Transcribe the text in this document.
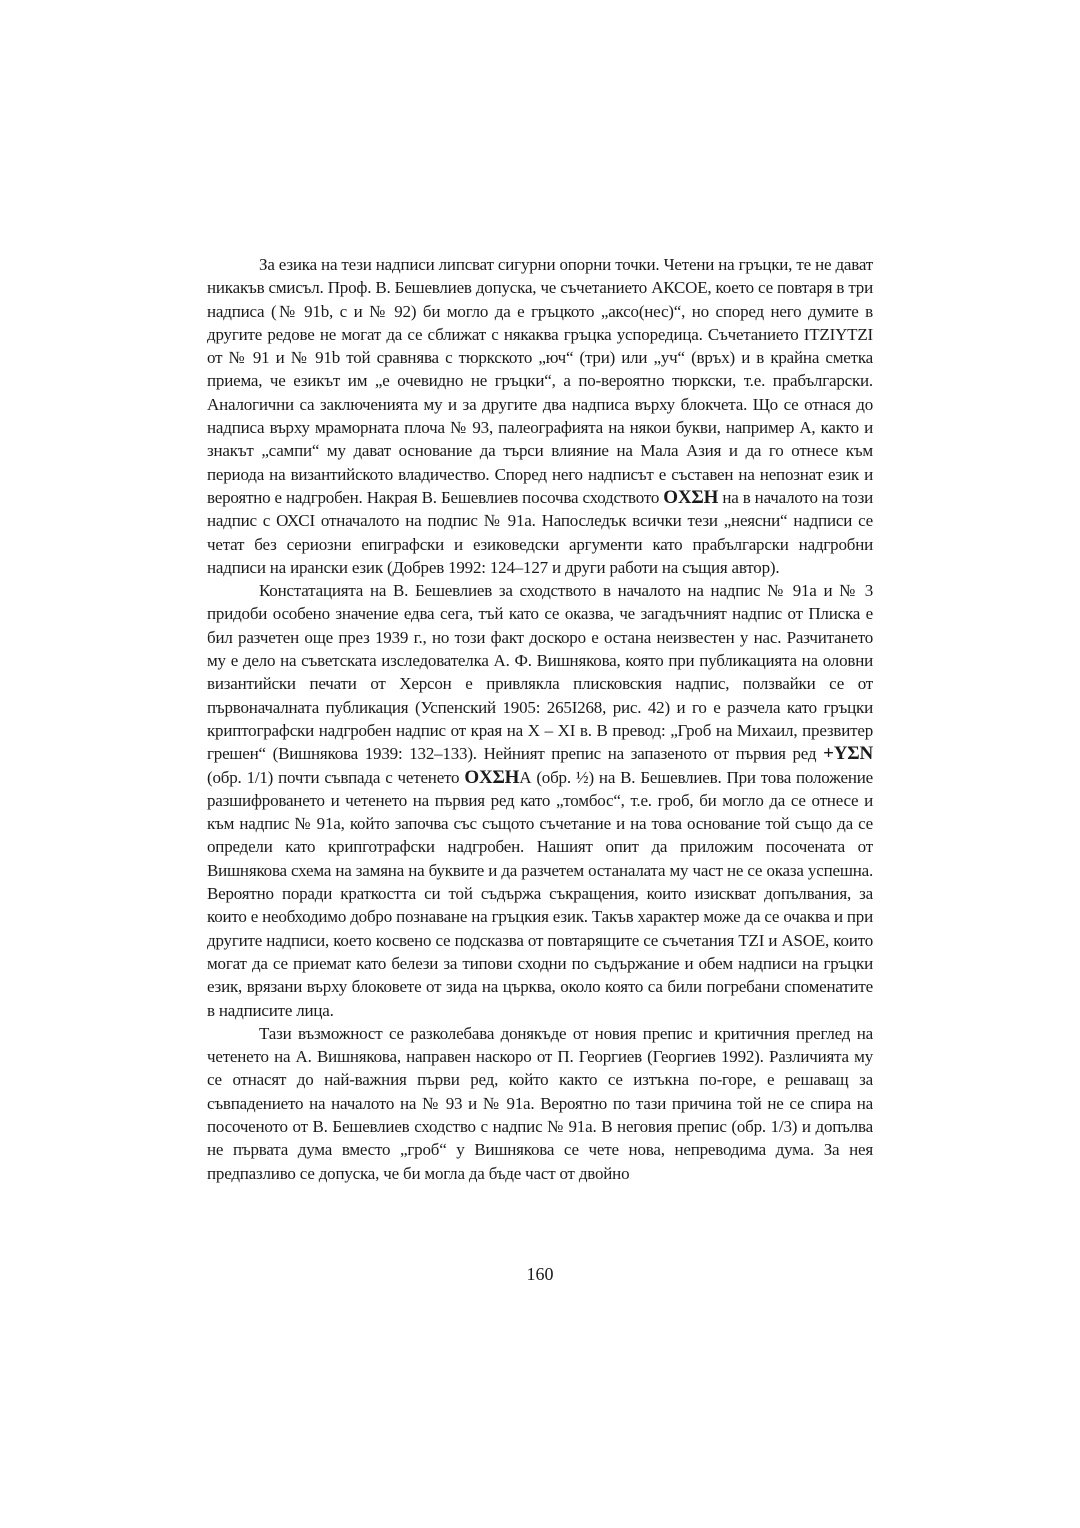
За езика на тези надписи липсват сигурни опорни точки. Четени на гръцки, те не дават никакъв смисъл. Проф. В. Бешевлиев допуска, че съчетанието АКСОЕ, което се повтаря в три надписа (№ 91b, с и № 92) би могло да е гръцкото „аксо(нес)“, но според него думите в другите редове не могат да се сближат с някаква гръцка успоредица. Съчетанието ITZIYTZI от № 91 и № 91b той сравнява с тюркското „юч“ (три) или „уч“ (връх) и в крайна сметка приема, че езикът им „е очевидно не гръцки“, а по-вероятно тюркски, т.е. прабългарски. Аналогични са заключенията му и за другите два надписа върху блокчета. Що се отнася до надписа върху мраморната плоча № 93, палеографията на някои букви, например А, както и знакът „сампи“ му дават основание да търси влияние на Мала Азия и да го отнесе към периода на византийското владичество. Според него надписът е съставен на непознат език и вероятно е надгробен. Накрая В. Бешевлиев посочва сходството ΟΧΣΗ на в началото на този надпис с ОХСI отначалото на подпис № 91а. Напоследък всички тези „неясни“ надписи се четат без сериозни епиграфски и езиковедски аргументи като прабългарски надгробни надписи на ирански език (Добрев 1992: 124–127 и други работи на същия автор).

Констатацията на В. Бешевлиев за сходството в началото на надпис № 91а и № 3 придоби особено значение едва сега, тъй като се оказва, че загадъчният надпис от Плиска е бил разчетен още през 1939 г., но този факт доскоро е остана неизвестен у нас. Разчитането му е дело на съветската изследователка А. Ф. Вишнякова, която при публикацията на оловни византийски печати от Херсон е привлякла плисковския надпис, ползвайки се от първоначалната публикация (Успенский 1905: 265I268, рис. 42) и го е разчела като гръцки криптографски надгробен надпис от края на X – XI в. В превод: „Гроб на Михаил, презвитер грешен“ (Вишнякова 1939: 132–133). Нейният препис на запазеното от първия ред +ΥΣΝ (обр. 1/1) почти съвпада с четенето ΟΧΣΗА (обр. ½) на В. Бешевлиев. При това положение разшифроването и четенето на първия ред като „томбос“, т.е. гроб, би могло да се отнесе и към надпис № 91а, който започва със същото съчетание и на това основание той също да се определи като крипготрафски надгробен. Нашият опит да приложим посочената от Вишнякова схема на замяна на буквите и да разчетем останалата му част не се оказа успешна. Вероятно поради краткостта си той съдържа съкращения, които изискват допълвания, за които е необходимо добро познаване на гръцкия език. Такъв характер може да се очаква и при другите надписи, което косвено се подсказва от повтарящите се съчетания TZI и ASOE, които могат да се приемат като белези за типови сходни по съдържание и обем надписи на гръцки език, врязани върху блоковете от зида на църква, около която са били погребани споменатите в надписите лица.

Тази възможност се разколебава донякъде от новия препис и критичния преглед на четенето на А. Вишнякова, направен наскоро от П. Георгиев (Георгиев 1992). Различията му се отнасят до най-важния първи ред, който както се изтъкна по-горе, е решаващ за съвпадението на началото на № 93 и № 91а. Вероятно по тази причина той не се спира на посоченото от В. Бешевлиев сходство с надпис № 91а. В неговия препис (обр. 1/3) и допълва не първата дума вместо „гроб“ у Вишнякова се чете нова, непреводима дума. За нея предпазливо се допуска, че би могла да бъде част от двойно

160
